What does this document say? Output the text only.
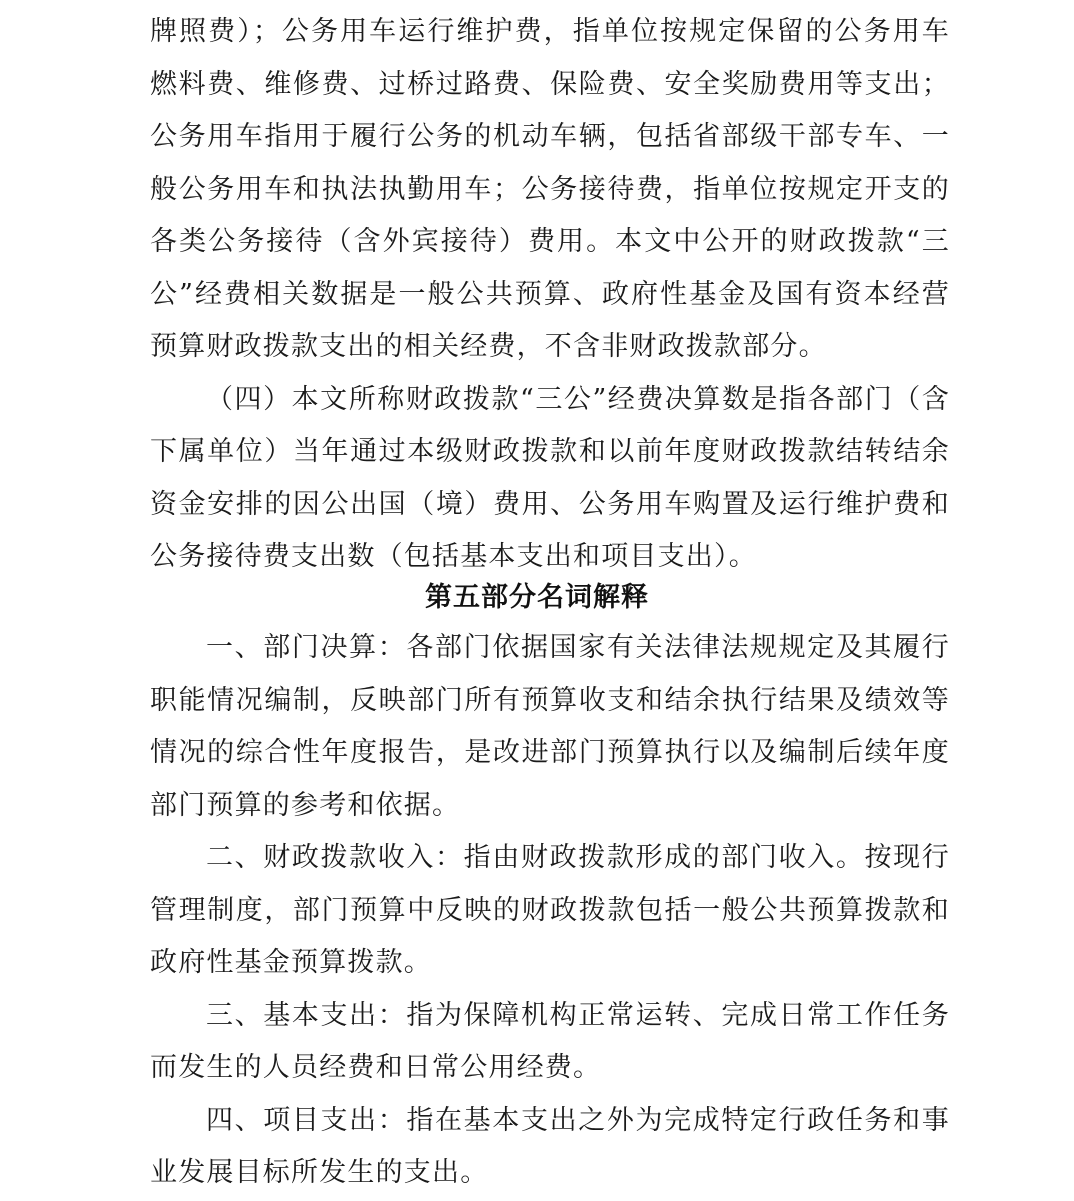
牌照费）；公务用车运行维护费，指单位按规定保留的公务用车燃料费、维修费、过桥过路费、保险费、安全奖励费用等支出；公务用车指用于履行公务的机动车辆，包括省部级干部专车、一般公务用车和执法执勤用车；公务接待费，指单位按规定开支的各类公务接待（含外宾接待）费用。本文中公开的财政拨款“三公”经费相关数据是一般公共预算、政府性基金及国有资本经营预算财政拨款支出的相关经费，不含非财政拨款部分。

（四）本文所称财政拨款“三公”经费决算数是指各部门（含下属单位）当年通过本级财政拨款和以前年度财政拨款结转结余资金安排的因公出国（境）费用、公务用车购置及运行维护费和公务接待费支出数（包括基本支出和项目支出）。

第五部分名词解释

一、部门决算：各部门依据国家有关法律法规规定及其履行职能情况编制，反映部门所有预算收支和结余执行结果及绩效等情况的综合性年度报告，是改进部门预算执行以及编制后续年度部门预算的参考和依据。

二、财政拨款收入：指由财政拨款形成的部门收入。按现行管理制度，部门预算中反映的财政拨款包括一般公共预算拨款和政府性基金预算拨款。

三、基本支出：指为保障机构正常运转、完成日常工作任务而发生的人员经费和日常公用经费。

四、项目支出：指在基本支出之外为完成特定行政任务和事业发展目标所发生的支出。
